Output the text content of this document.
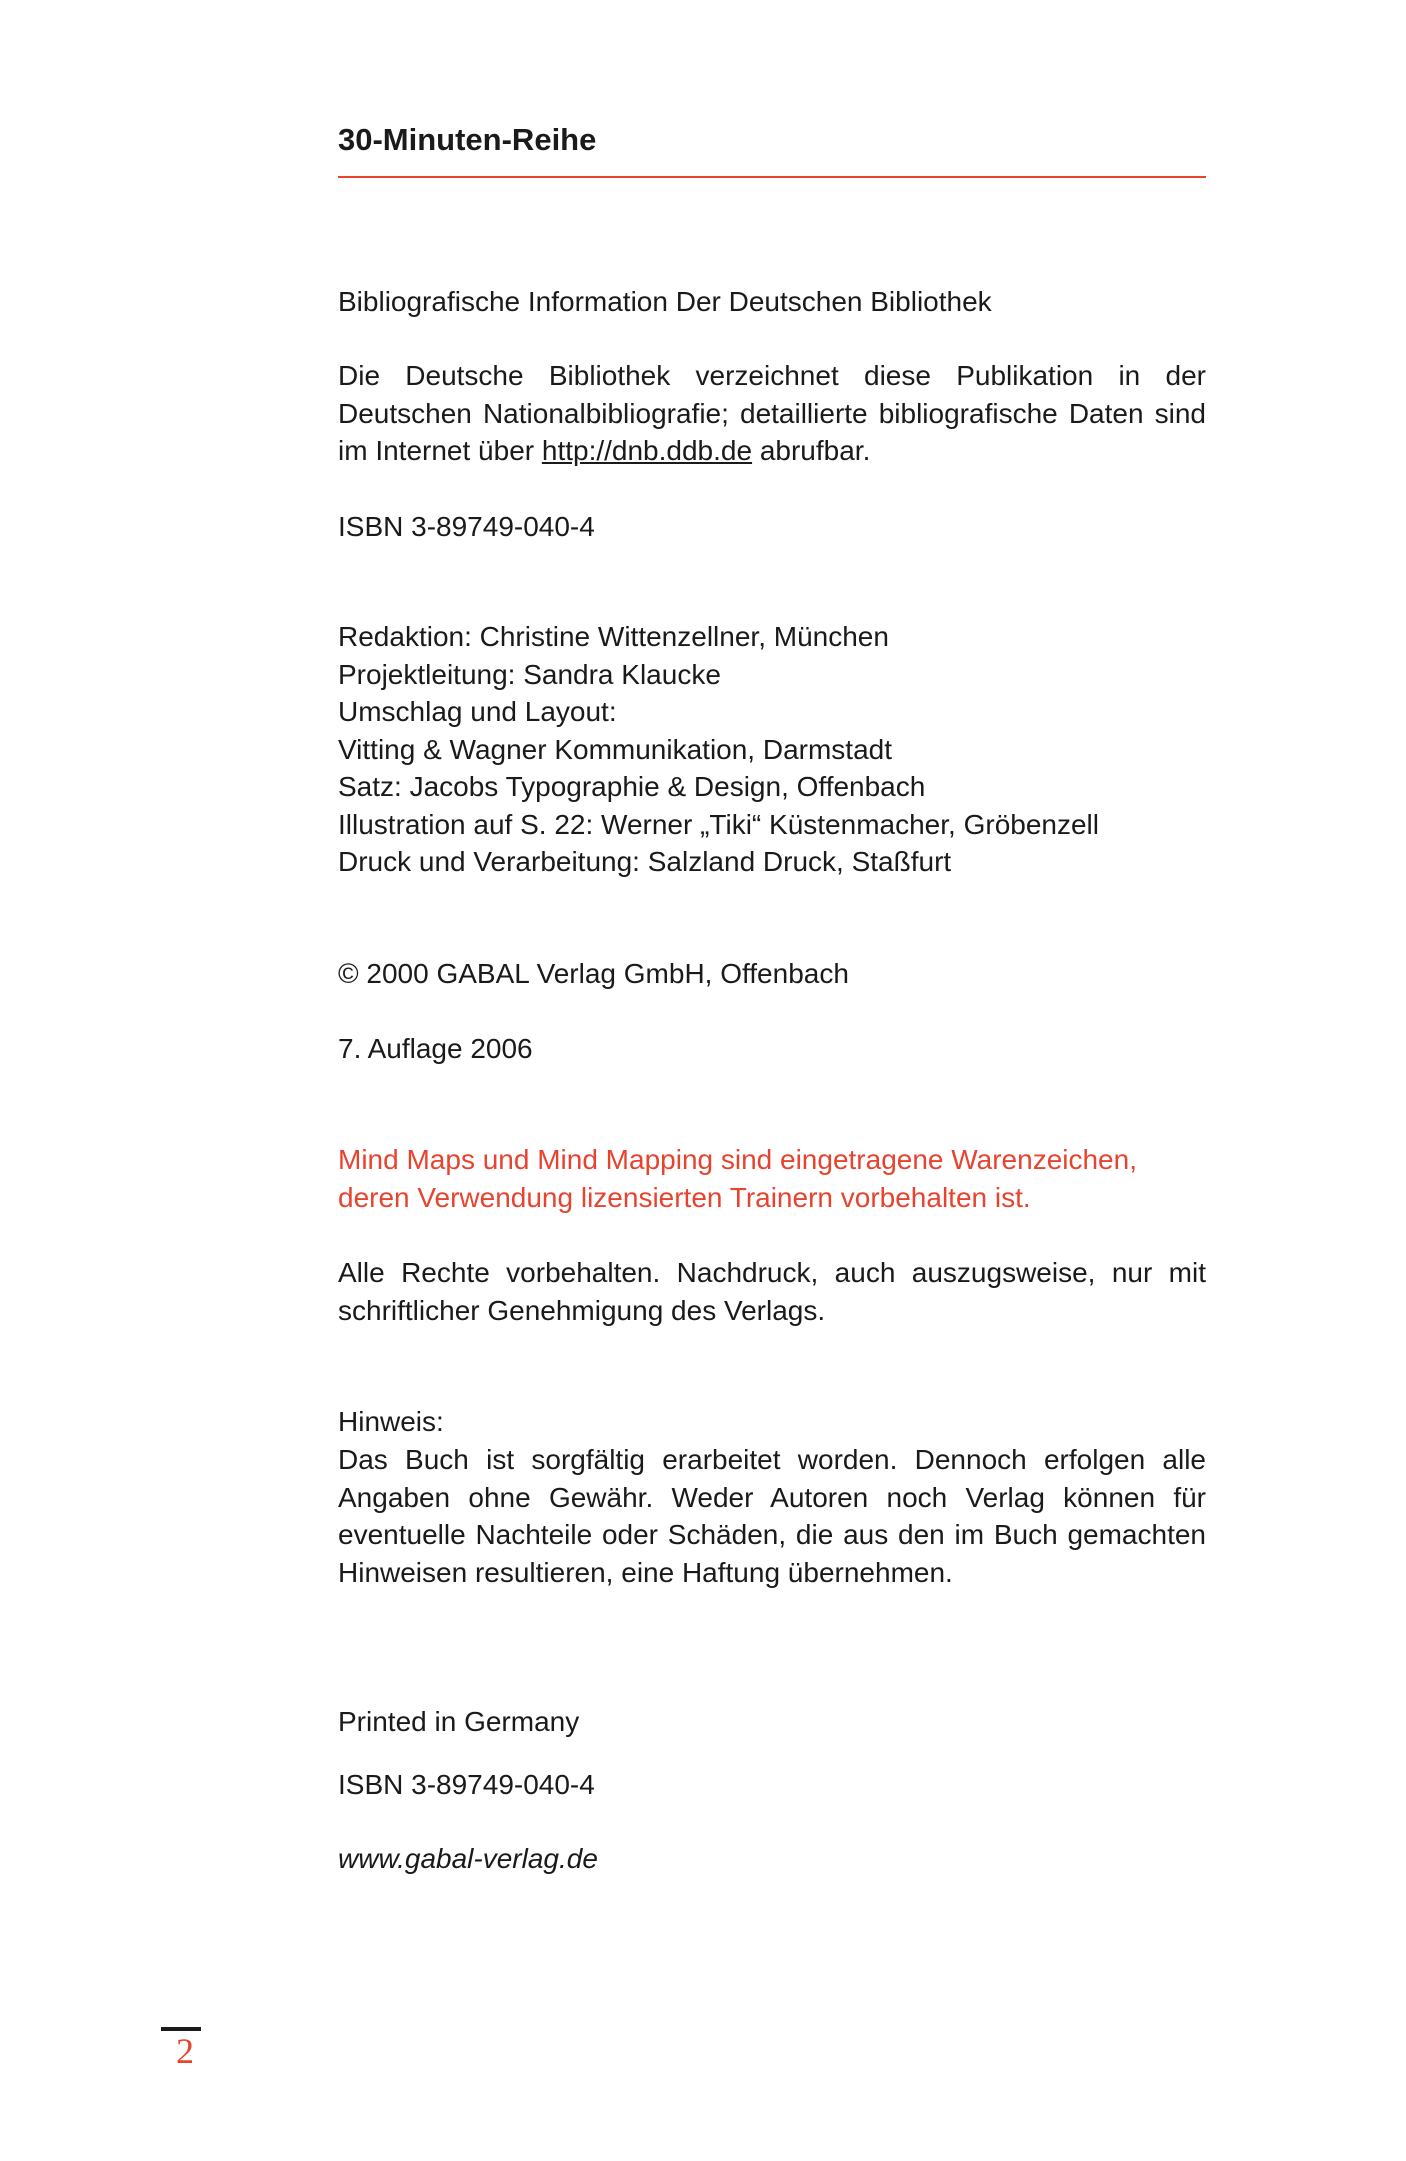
30-Minuten-Reihe

Bibliografische Information Der Deutschen Bibliothek

Die Deutsche Bibliothek verzeichnet diese Publikation in der Deutschen Nationalbibliografie; detaillierte bibliografische Daten sind im Internet über http://dnb.ddb.de abrufbar.

ISBN 3-89749-040-4

Redaktion: Christine Wittenzellner, München

Projektleitung: Sandra Klaucke

Umschlag und Layout:

Vitting & Wagner Kommunikation, Darmstadt

Satz: Jacobs Typographie & Design, Offenbach

Illustration auf S. 22: Werner „Tiki“ Küstenmacher, Gröbenzell

Druck und Verarbeitung: Salzland Druck, Staßfurt

© 2000 GABAL Verlag GmbH, Offenbach

7. Auflage 2006

Mind Maps und Mind Mapping sind eingetragene Warenzeichen, deren Verwendung lizensierten Trainern vorbehalten ist.

Alle Rechte vorbehalten. Nachdruck, auch auszugsweise, nur mit schriftlicher Genehmigung des Verlags.

Hinweis:

Das Buch ist sorgfältig erarbeitet worden. Dennoch erfolgen alle Angaben ohne Gewähr. Weder Autoren noch Verlag können für eventuelle Nachteile oder Schäden, die aus den im Buch gemachten Hinweisen resultieren, eine Haftung übernehmen.

Printed in Germany

ISBN 3-89749-040-4

www.gabal-verlag.de

2
